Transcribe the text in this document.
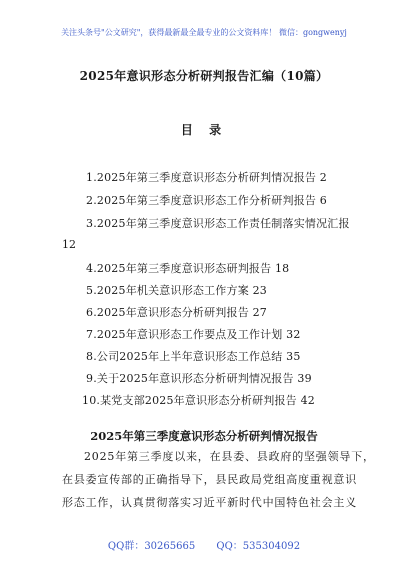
关注头条号"公文研究"，获得最新最全最专业的公文资料库！ 微信：gongwenyj
2025年意识形态分析研判报告汇编（10篇）
目 录
1.2025年第三季度意识形态分析研判情况报告 2
2.2025年第三季度意识形态工作分析研判报告 6
3.2025年第三季度意识形态工作责任制落实情况汇报
12
4.2025年第三季度意识形态研判报告 18
5.2025年机关意识形态工作方案 23
6.2025年意识形态分析研判报告 27
7.2025年意识形态工作要点及工作计划 32
8.公司2025年上半年意识形态工作总结 35
9.关于2025年意识形态分析研判情况报告 39
10.某党支部2025年意识形态分析研判报告 42
2025年第三季度意识形态分析研判情况报告
2025年第三季度以来，在县委、县政府的坚强领导下，
在县委宣传部的正确指导下，县民政局党组高度重视意识
形态工作，认真贯彻落实习近平新时代中国特色社会主义
QQ群：30265665 QQ：535304092
